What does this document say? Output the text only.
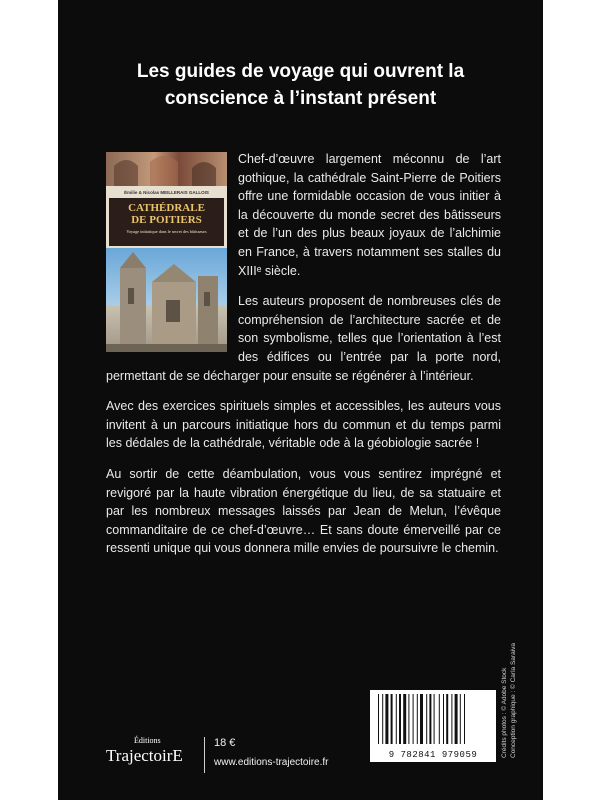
Les guides de voyage qui ouvrent la
conscience à l’instant présent
Émilie & Nicolas MEILLERAIS GALLOIS
CATHÉDRALE
DE POITIERS
Voyage initiatique dans le secret des bâtisseurs

Chef-d’œuvre largement méconnu de l’art gothique, la cathédrale Saint-Pierre de Poitiers offre une formidable occasion de vous initier à la découverte du monde secret des bâtisseurs et de l’un des plus beaux joyaux de l’alchimie en France, à travers notamment ses stalles du XIIIᵉ siècle.

Les auteurs proposent de nombreuses clés de compréhension de l’architecture sacrée et de son symbolisme, telles que l’orientation à l’est des édifices ou l’entrée par la porte nord, permettant de se décharger pour ensuite se régénérer à l’intérieur.

Avec des exercices spirituels simples et accessibles, les auteurs vous invitent à un parcours initiatique hors du commun et du temps parmi les dédales de la cathédrale, véritable ode à la géobiologie sacrée !

Au sortir de cette déambulation, vous vous sentirez imprégné et revigoré par la haute vibration énergétique du lieu, de sa statuaire et par les nombreux messages laissés par Jean de Melun, l’évêque commanditaire de ce chef-d’œuvre… Et sans doute émerveillé par ce ressenti unique qui vous donnera mille envies de poursuivre le chemin.

Crédits photos : © Adobe Stock Conception graphique : © Carla Saraiva
9 782841 979059
Éditions
TrajectoirE
18 €
www.editions-trajectoire.fr
